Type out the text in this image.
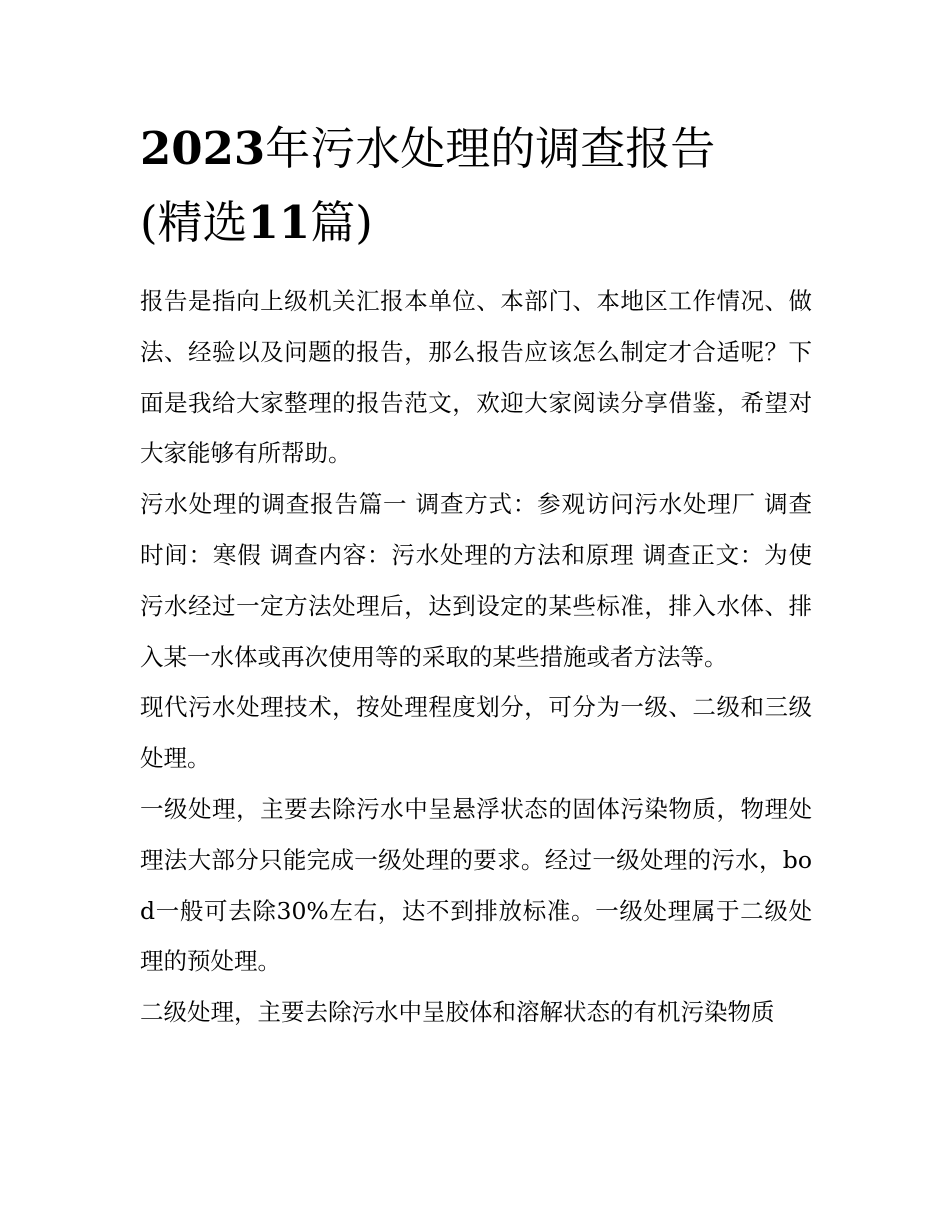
2023年污水处理的调查报告
(精选11篇)

报告是指向上级机关汇报本单位、本部门、本地区工作情况、做法、经验以及问题的报告，那么报告应该怎么制定才合适呢？下面是我给大家整理的报告范文，欢迎大家阅读分享借鉴，希望对大家能够有所帮助。

污水处理的调查报告篇一 调查方式：参观访问污水处理厂 调查时间：寒假 调查内容：污水处理的方法和原理 调查正文：为使污水经过一定方法处理后，达到设定的某些标准，排入水体、排入某一水体或再次使用等的采取的某些措施或者方法等。

现代污水处理技术，按处理程度划分，可分为一级、二级和三级处理。

一级处理，主要去除污水中呈悬浮状态的固体污染物质，物理处理法大部分只能完成一级处理的要求。经过一级处理的污水，bod一般可去除30%左右，达不到排放标准。一级处理属于二级处理的预处理。

二级处理，主要去除污水中呈胶体和溶解状态的有机污染物质
